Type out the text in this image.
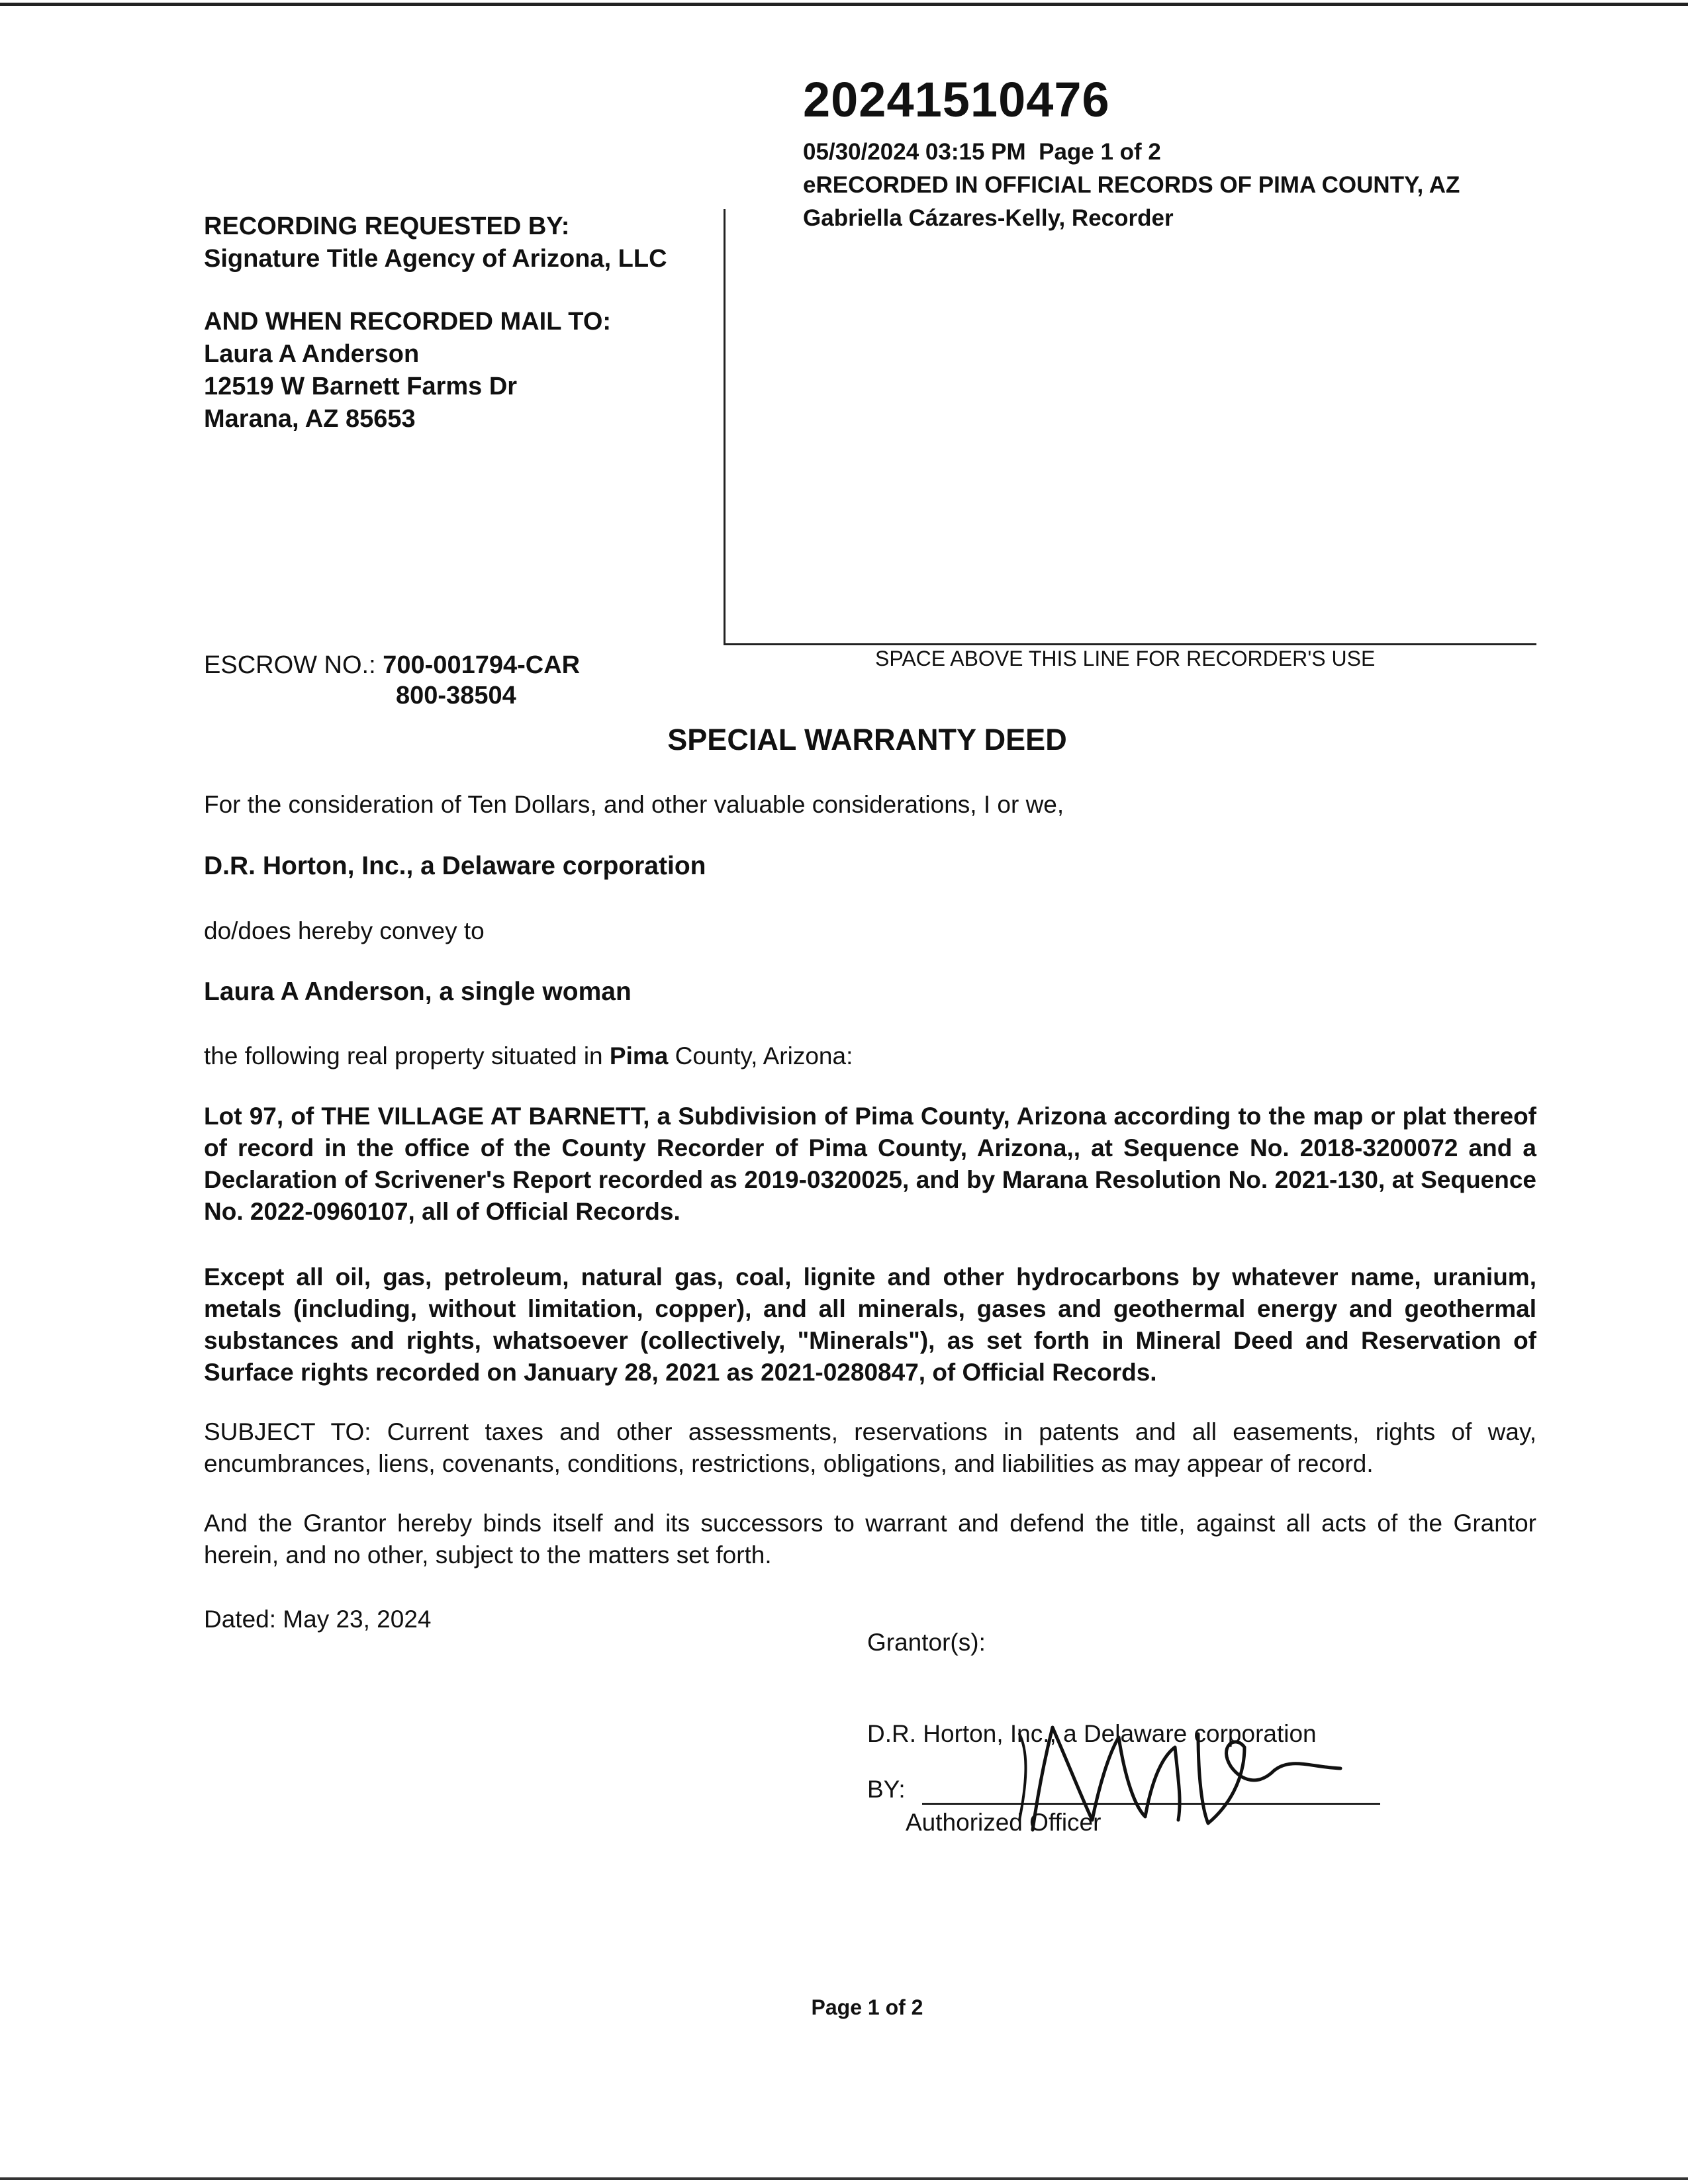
20241510476
05/30/2024 03:15 PM Page 1 of 2
eRECORDED IN OFFICIAL RECORDS OF PIMA COUNTY, AZ
Gabriella Cázares-Kelly, Recorder
RECORDING REQUESTED BY:
Signature Title Agency of Arizona, LLC
AND WHEN RECORDED MAIL TO:
Laura A Anderson
12519 W Barnett Farms Dr
Marana, AZ 85653
ESCROW NO.: 700-001794-CAR
800-38504
SPACE ABOVE THIS LINE FOR RECORDER'S USE
SPECIAL WARRANTY DEED
For the consideration of Ten Dollars, and other valuable considerations, I or we,
D.R. Horton, Inc., a Delaware corporation
do/does hereby convey to
Laura A Anderson, a single woman
the following real property situated in Pima County, Arizona:
Lot 97, of THE VILLAGE AT BARNETT, a Subdivision of Pima County, Arizona according to the map or plat thereof of record in the office of the County Recorder of Pima County, Arizona,, at Sequence No. 2018-3200072 and a Declaration of Scrivener's Report recorded as 2019-0320025, and by Marana Resolution No. 2021-130, at Sequence No. 2022-0960107, all of Official Records.
Except all oil, gas, petroleum, natural gas, coal, lignite and other hydrocarbons by whatever name, uranium, metals (including, without limitation, copper), and all minerals, gases and geothermal energy and geothermal substances and rights, whatsoever (collectively, "Minerals"), as set forth in Mineral Deed and Reservation of Surface rights recorded on January 28, 2021 as 2021-0280847, of Official Records.
SUBJECT TO: Current taxes and other assessments, reservations in patents and all easements, rights of way, encumbrances, liens, covenants, conditions, restrictions, obligations, and liabilities as may appear of record.
And the Grantor hereby binds itself and its successors to warrant and defend the title, against all acts of the Grantor herein, and no other, subject to the matters set forth.
Dated: May 23, 2024
Grantor(s):
D.R. Horton, Inc., a Delaware corporation
BY:
Authorized Officer
Page 1 of 2
